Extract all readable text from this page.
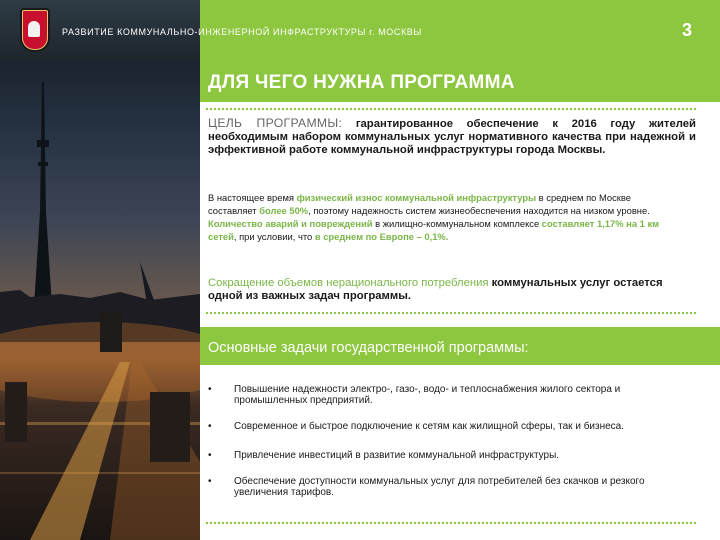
РАЗВИТИЕ КОММУНАЛЬНО-ИНЖЕНЕРНОЙ ИНФРАСТРУКТУРЫ г. МОСКВЫ	3
ДЛЯ ЧЕГО НУЖНА ПРОГРАММА
ЦЕЛЬ ПРОГРАММЫ: гарантированное обеспечение к 2016 году жителей необходимым набором коммунальных услуг нормативного качества при надежной и эффективной работе коммунальной инфраструктуры города Москвы.
В настоящее время физический износ коммунальной инфраструктуры в среднем по Москве составляет более 50%, поэтому надежность систем жизнеобеспечения находится на низком уровне. Количество аварий и повреждений в жилищно-коммунальном комплексе составляет 1,17% на 1 км сетей, при условии, что в среднем по Европе – 0,1%.
Сокращение объемов нерационального потребления коммунальных услуг остается одной из важных задач программы.
Основные задачи государственной программы:
• Повышение надежности электро-, газо-, водо- и теплоснабжения жилого сектора и промышленных предприятий.
• Современное и быстрое подключение к сетям как жилищной сферы, так и бизнеса.
• Привлечение инвестиций в развитие коммунальной инфраструктуры.
• Обеспечение доступности коммунальных услуг для потребителей без скачков и резкого увеличения тарифов.
